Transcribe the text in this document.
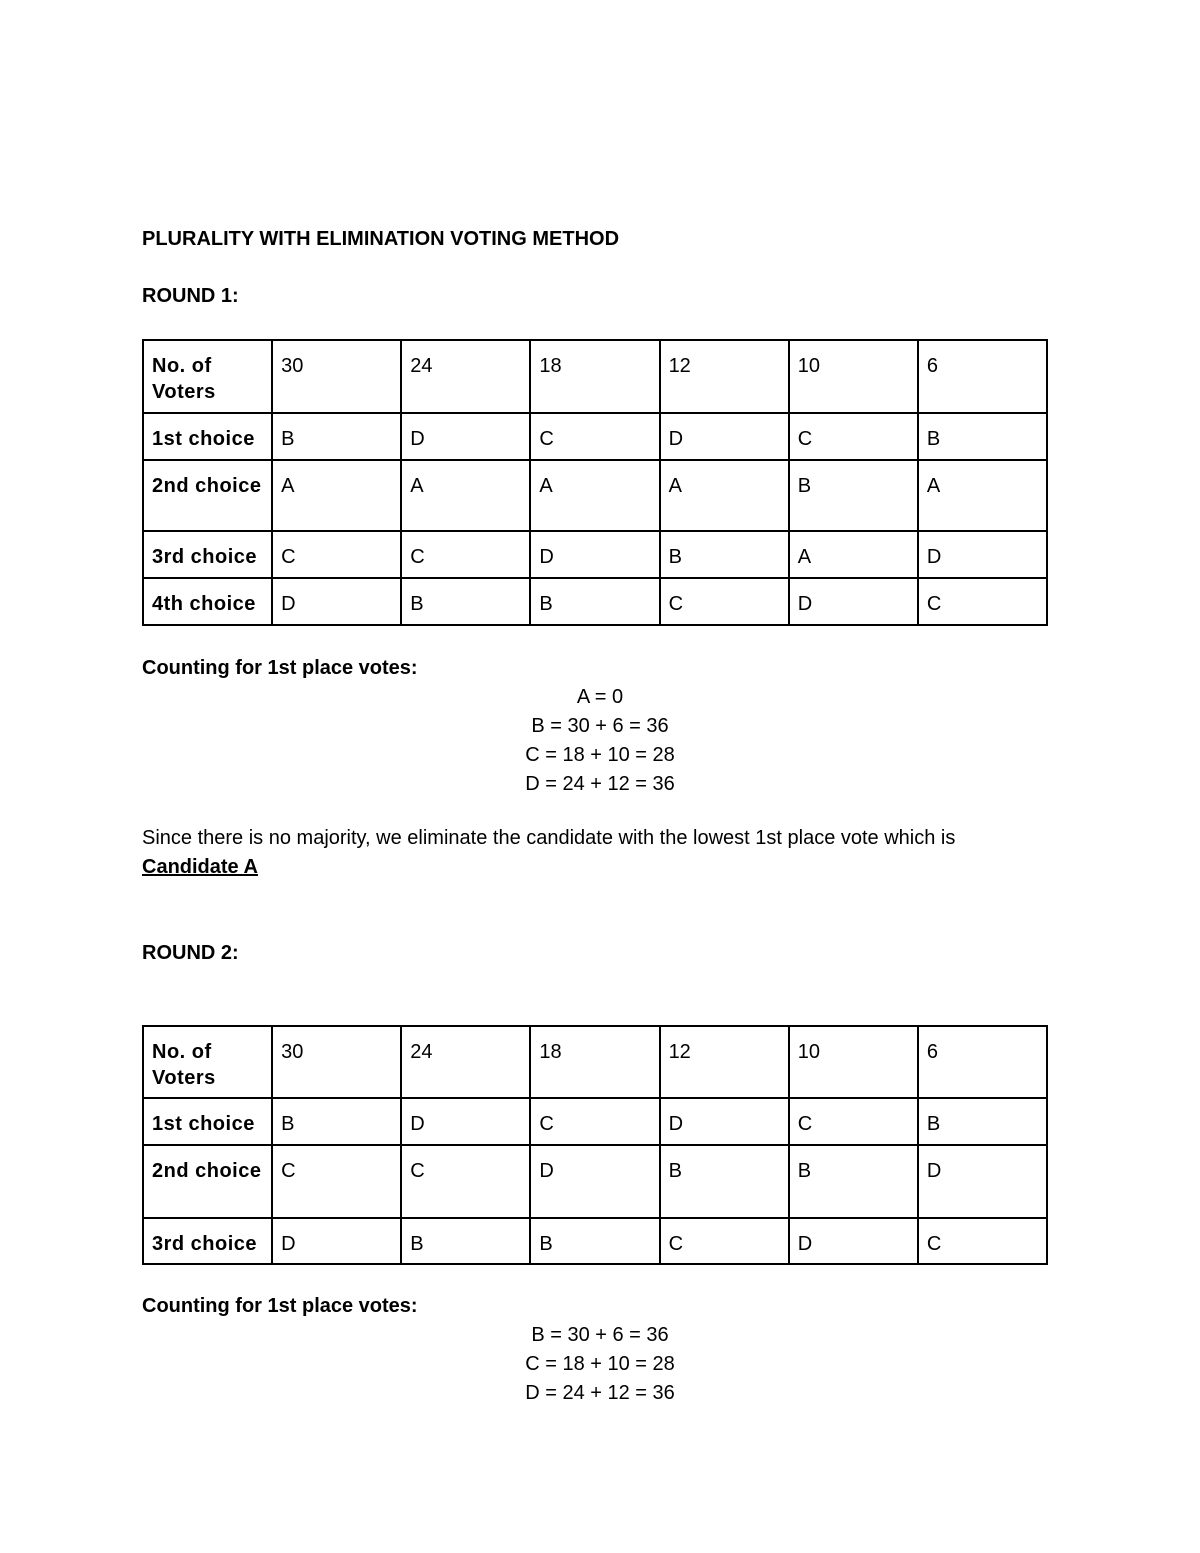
PLURALITY WITH ELIMINATION VOTING METHOD
ROUND 1:
No. of Voters	30	24	18	12	10	6
1st choice	B	D	C	D	C	B
2nd choice	A	A	A	A	B	A
3rd choice	C	C	D	B	A	D
4th choice	D	B	B	C	D	C
Counting for 1st place votes:
A = 0
B = 30 + 6 = 36
C = 18 + 10 = 28
D = 24 + 12 = 36
Since there is no majority, we eliminate the candidate with the lowest 1st place vote which is
Candidate A
ROUND 2:
No. of Voters	30	24	18	12	10	6
1st choice	B	D	C	D	C	B
2nd choice	C	C	D	B	B	D
3rd choice	D	B	B	C	D	C
Counting for 1st place votes:
B = 30 + 6 = 36
C = 18 + 10 = 28
D = 24 + 12 = 36
